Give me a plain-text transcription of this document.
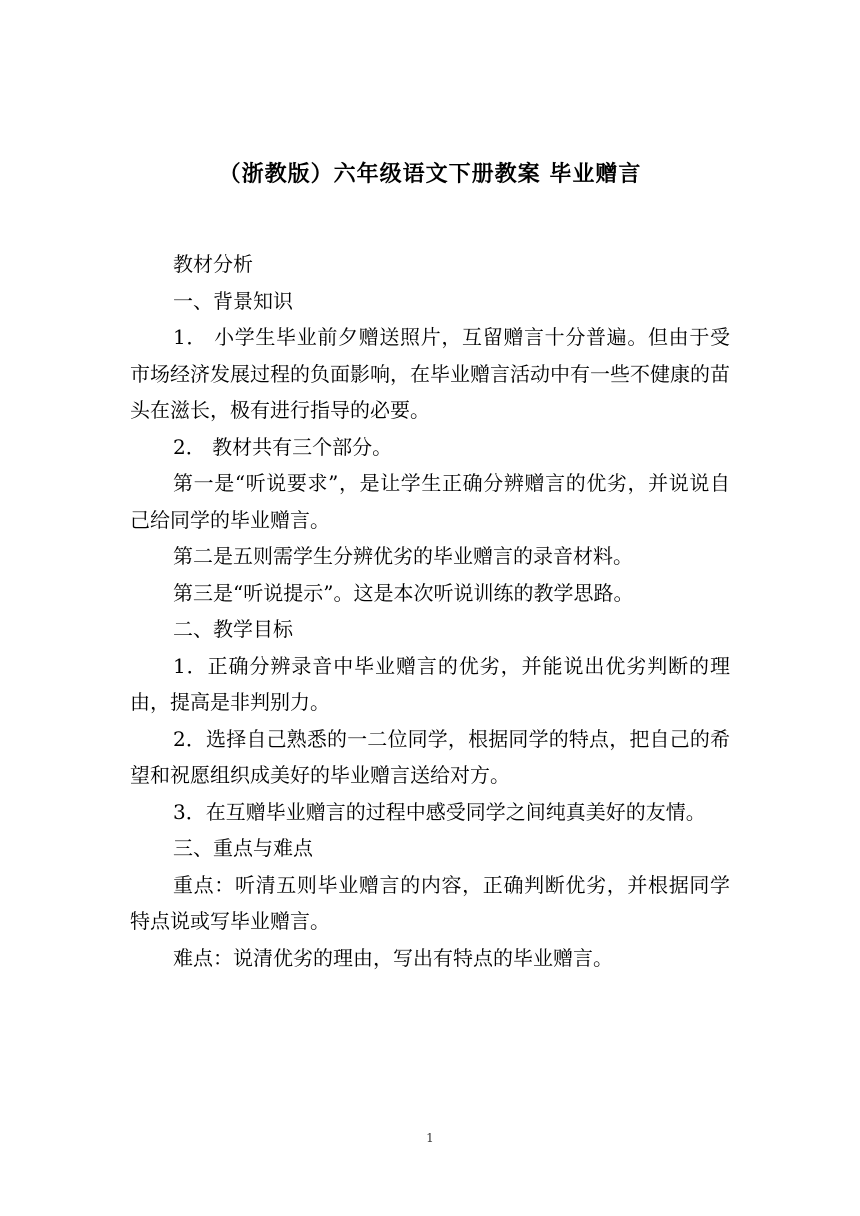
（浙教版）六年级语文下册教案 毕业赠言

教材分析

一、背景知识

1． 小学生毕业前夕赠送照片，互留赠言十分普遍。但由于受市场经济发展过程的负面影响，在毕业赠言活动中有一些不健康的苗头在滋长，极有进行指导的必要。

2． 教材共有三个部分。

第一是“听说要求”，是让学生正确分辨赠言的优劣，并说说自己给同学的毕业赠言。

第二是五则需学生分辨优劣的毕业赠言的录音材料。

第三是“听说提示”。这是本次听说训练的教学思路。

二、教学目标

1．正确分辨录音中毕业赠言的优劣，并能说出优劣判断的理由，提高是非判别力。

2．选择自己熟悉的一二位同学，根据同学的特点，把自己的希望和祝愿组织成美好的毕业赠言送给对方。

3．在互赠毕业赠言的过程中感受同学之间纯真美好的友情。

三、重点与难点

重点：听清五则毕业赠言的内容，正确判断优劣，并根据同学特点说或写毕业赠言。

难点：说清优劣的理由，写出有特点的毕业赠言。

1
